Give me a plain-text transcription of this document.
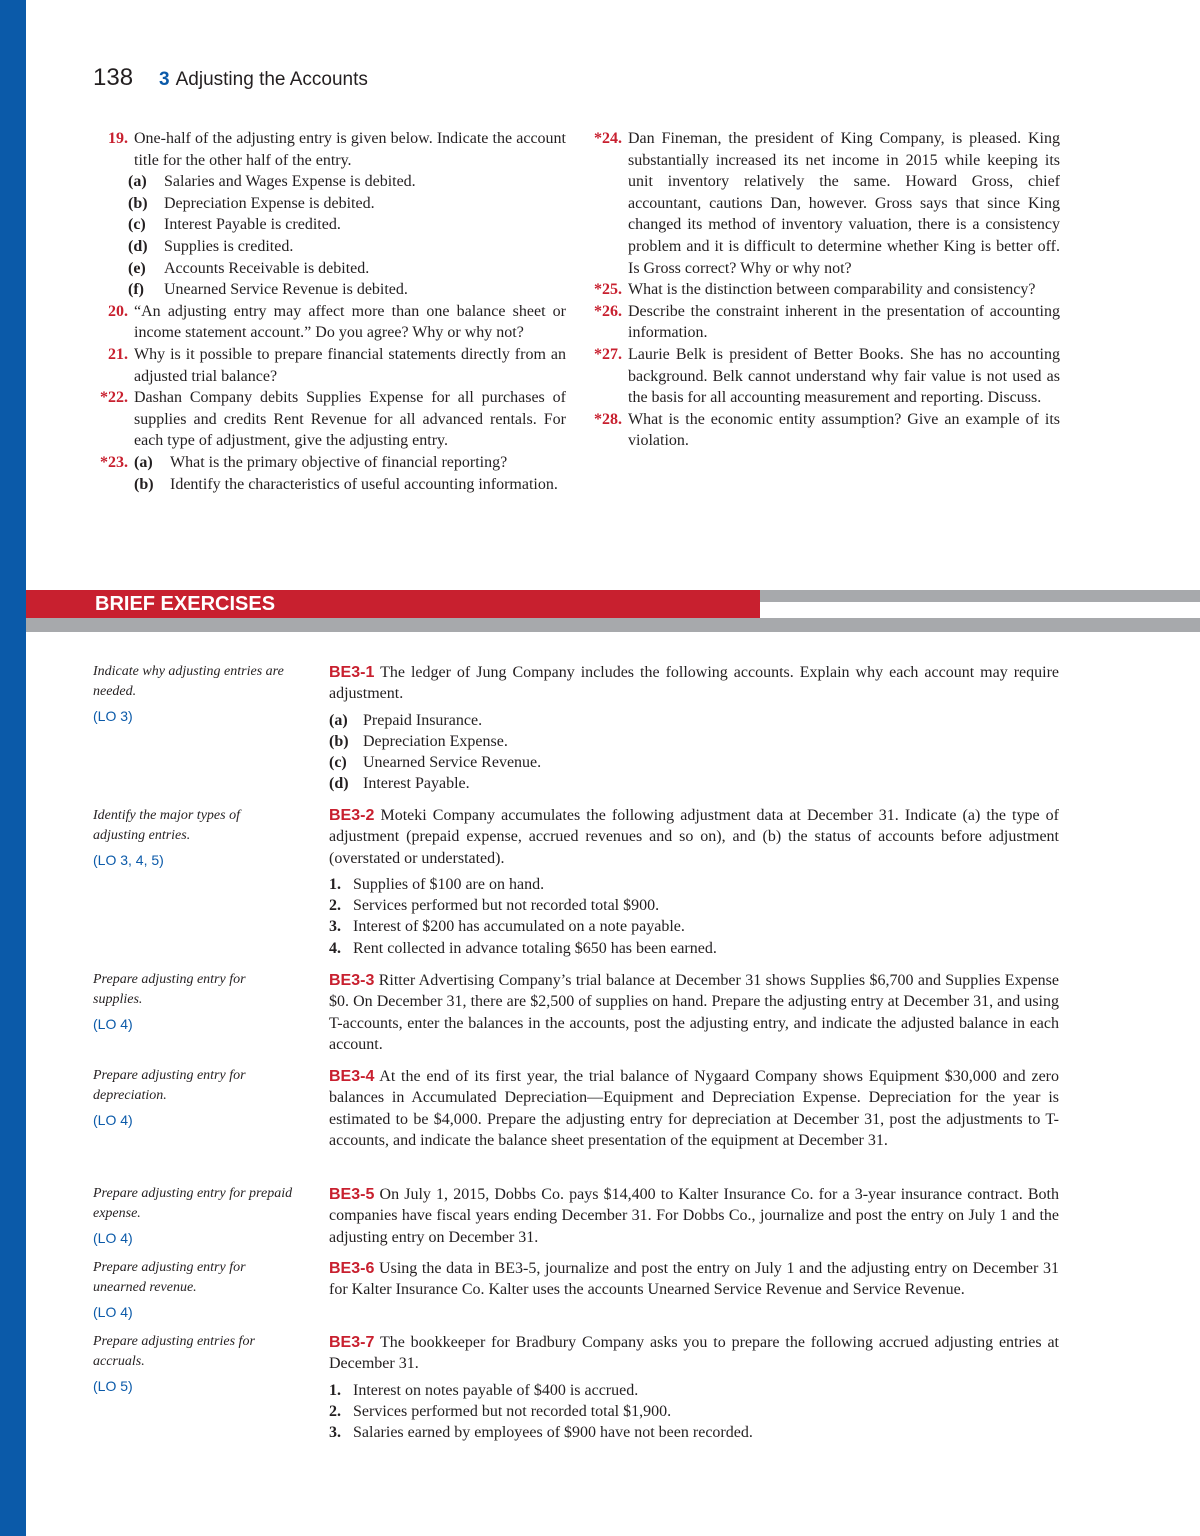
138 3 Adjusting the Accounts
19. One-half of the adjusting entry is given below. Indicate the account title for the other half of the entry.
(a)	Salaries and Wages Expense is debited.
(b)	Depreciation Expense is debited.
(c)	Interest Payable is credited.
(d)	Supplies is credited.
(e)	Accounts Receivable is debited.
(f)	Unearned Service Revenue is debited.
20. “An adjusting entry may affect more than one balance sheet or income statement account.” Do you agree? Why or why not?
21. Why is it possible to prepare financial statements directly from an adjusted trial balance?
*22. Dashan Company debits Supplies Expense for all purchases of supplies and credits Rent Revenue for all advanced rentals. For each type of adjustment, give the adjusting entry.
*23. (a)	What is the primary objective of financial reporting?
(b)	Identify the characteristics of useful accounting information.
*24. Dan Fineman, the president of King Company, is pleased. King substantially increased its net income in 2015 while keeping its unit inventory relatively the same. Howard Gross, chief accountant, cautions Dan, however. Gross says that since King changed its method of inventory valuation, there is a consistency problem and it is difficult to determine whether King is better off. Is Gross correct? Why or why not?
*25. What is the distinction between comparability and consistency?
*26. Describe the constraint inherent in the presentation of accounting information.
*27. Laurie Belk is president of Better Books. She has no accounting background. Belk cannot understand why fair value is not used as the basis for all accounting measurement and reporting. Discuss.
*28. What is the economic entity assumption? Give an example of its violation.
BRIEF EXERCISES
Indicate why adjusting entries are needed.
(LO 3)

BE3-1 The ledger of Jung Company includes the following accounts. Explain why each account may require adjustment.

(a) Prepaid Insurance.
(b) Depreciation Expense.
(c)	Unearned Service Revenue.
(d) Interest Payable.
Identify the major types of adjusting entries.
(LO 3, 4, 5)

BE3-2 Moteki Company accumulates the following adjustment data at December 31. Indicate (a) the type of adjustment (prepaid expense, accrued revenues and so on), and (b) the status of accounts before adjustment (overstated or understated).

1. Supplies of $100 are on hand.
2. Services performed but not recorded total $900.
3. Interest of $200 has accumulated on a note payable.
4. Rent collected in advance totaling $650 has been earned.
Prepare adjusting entry for supplies.
(LO 4)

BE3-3 Ritter Advertising Company’s trial balance at December 31 shows Supplies $6,700 and Supplies Expense $0. On December 31, there are $2,500 of supplies on hand. Prepare the adjusting entry at December 31, and using T-accounts, enter the balances in the accounts, post the adjusting entry, and indicate the adjusted balance in each account.

Prepare adjusting entry for depreciation.
(LO 4)

BE3-4 At the end of its first year, the trial balance of Nygaard Company shows Equipment $30,000 and zero balances in Accumulated Depreciation—Equipment and Depreciation Expense. Depreciation for the year is estimated to be $4,000. Prepare the adjusting entry for depreciation at December 31, post the adjustments to T-accounts, and indicate the balance sheet presentation of the equipment at December 31.

Prepare adjusting entry for prepaid expense.
(LO 4)

BE3-5 On July 1, 2015, Dobbs Co. pays $14,400 to Kalter Insurance Co. for a 3-year insurance contract. Both companies have fiscal years ending December 31. For Dobbs Co., journalize and post the entry on July 1 and the adjusting entry on December 31.

Prepare adjusting entry for unearned revenue.
(LO 4)

BE3-6 Using the data in BE3-5, journalize and post the entry on July 1 and the adjusting entry on December 31 for Kalter Insurance Co. Kalter uses the accounts Unearned Service Revenue and Service Revenue.

Prepare adjusting entries for accruals.
(LO 5)

BE3-7 The bookkeeper for Bradbury Company asks you to prepare the following accrued adjusting entries at December 31.

1. Interest on notes payable of $400 is accrued.
2. Services performed but not recorded total $1,900.
3. Salaries earned by employees of $900 have not been recorded.
